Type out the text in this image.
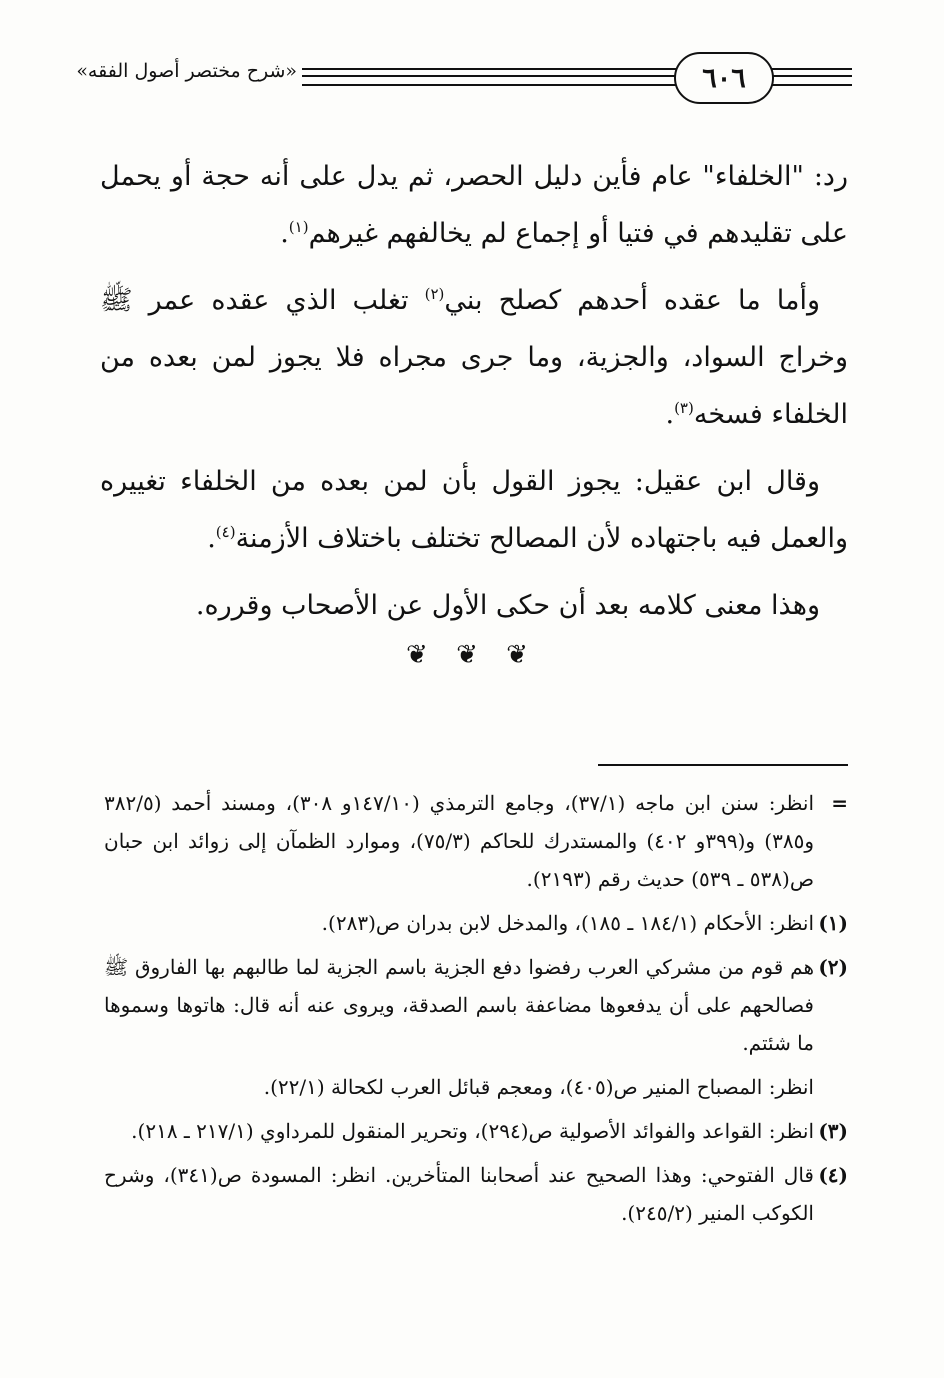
٦٠٦
«شرح مختصر أصول الفقه»

رد: "الخلفاء" عام فأين دليل الحصر، ثم يدل على أنه حجة أو يحمل على تقليدهم في فتيا أو إجماع لم يخالفهم غيرهم$^{(١)}$.

وأما ما عقده أحدهم كصلح بني$^{(٢)}$ تغلب الذي عقده عمر ﷺ وخراج السواد، والجزية، وما جرى مجراه فلا يجوز لمن بعده من الخلفاء فسخه$^{(٣)}$.

وقال ابن عقيل: يجوز القول بأن لمن بعده من الخلفاء تغييره والعمل فيه باجتهاده لأن المصالح تختلف باختلاف الأزمنة$^{(٤)}$.

وهذا معنى كلامه بعد أن حكى الأول عن الأصحاب وقرره.

❦ ❦ ❦
=
انظر: سنن ابن ماجه (٣٧/١)، وجامع الترمذي (١٤٧/١٠و ٣٠٨)، ومسند أحمد (٣٨٢/٥ و٣٨٥) و(٣٩٩و ٤٠٢) والمستدرك للحاكم (٧٥/٣)، وموارد الظمآن إلى زوائد ابن حبان ص(٥٣٨ ـ ٥٣٩) حديث رقم (٢١٩٣).
(١)
انظر: الأحكام (١٨٤/١ ـ ١٨٥)، والمدخل لابن بدران ص(٢٨٣).
(٢)
هم قوم من مشركي العرب رفضوا دفع الجزية باسم الجزية لما طالبهم بها الفاروق ﷺ فصالحهم على أن يدفعوها مضاعفة باسم الصدقة، ويروى عنه أنه قال: هاتوها وسموها ما شئتم.
انظر: المصباح المنير ص(٤٠٥)، ومعجم قبائل العرب لكحالة (٢٢/١).
(٣)
انظر: القواعد والفوائد الأصولية ص(٢٩٤)، وتحرير المنقول للمرداوي (٢١٧/١ ـ ٢١٨).
(٤)
قال الفتوحي: وهذا الصحيح عند أصحابنا المتأخرين. انظر: المسودة ص(٣٤١)، وشرح الكوكب المنير (٢٤٥/٢).
